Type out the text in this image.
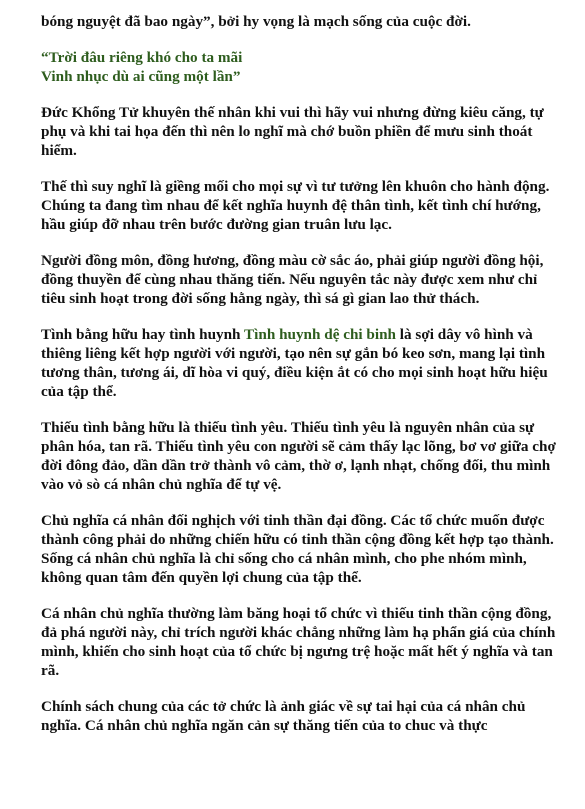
bóng nguyệt đã bao ngày”, bởi hy vọng là mạch sống của cuộc đời.

“Trời đâu riêng khó cho ta mãi
Vinh nhục dù ai cũng một lần”

Đức Khổng Tử khuyên thế nhân khi vui thì hãy vui nhưng đừng kiêu căng, tự phụ và khi tai họa đến thì nên lo nghĩ mà chớ buồn phiền để mưu sinh thoát hiểm.

Thế thì suy nghĩ là giềng mối cho mọi sự vì tư tưởng lên khuôn cho hành động.
Chúng ta đang tìm nhau để kết nghĩa huynh đệ thân tình, kết tình chí hướng, hầu giúp đỡ nhau trên bước đường gian truân lưu lạc.

Người đồng môn, đồng hương, đồng màu cờ sắc áo, phải giúp người đồng hội, đồng thuyền để cùng nhau thăng tiến. Nếu nguyên tắc này được xem như chỉ tiêu sinh hoạt trong đời sống hằng ngày, thì sá gì gian lao thử thách.

Tình bằng hữu hay tình huynh Tình huynh dệ chi binh là sợi dây vô hình và thiêng liêng kết hợp người với người, tạo nên sự gắn bó keo sơn, mang lại tình tương thân, tương ái, dĩ hòa vi quý, điều kiện ắt có cho mọi sinh hoạt hữu hiệu của tập thể.

Thiếu tình bằng hữu là thiếu tình yêu. Thiếu tình yêu là nguyên nhân của sự phân hóa, tan rã. Thiếu tình yêu con người sẽ cảm thấy lạc lõng, bơ vơ giữa chợ đời đông đảo, dần dần trở thành vô cảm, thờ ơ, lạnh nhạt, chống đối, thu mình vào vỏ sò cá nhân chủ nghĩa để tự vệ.

Chủ nghĩa cá nhân đối nghịch với tinh thần đại đồng. Các tổ chức muốn được thành công phải do những chiến hữu có tinh thần cộng đồng kết hợp tạo thành. Sống cá nhân chủ nghĩa là chỉ sống cho cá nhân mình, cho phe nhóm mình, không quan tâm đến quyền lợi chung của tập thể.

Cá nhân chủ nghĩa thường làm băng hoại tổ chức vì thiếu tinh thần cộng đồng, đả phá người này, chỉ trích người khác chẳng những làm hạ phẩn giá của chính mình, khiến cho sinh hoạt của tổ chức bị ngưng trệ hoặc mất hết ý nghĩa và tan rã.

Chính sách chung của các tở chức là ảnh giác về sự tai hại của cá nhân chủ nghĩa. Cá nhân chủ nghĩa ngăn cản sự thăng tiến của to chuc và thực
